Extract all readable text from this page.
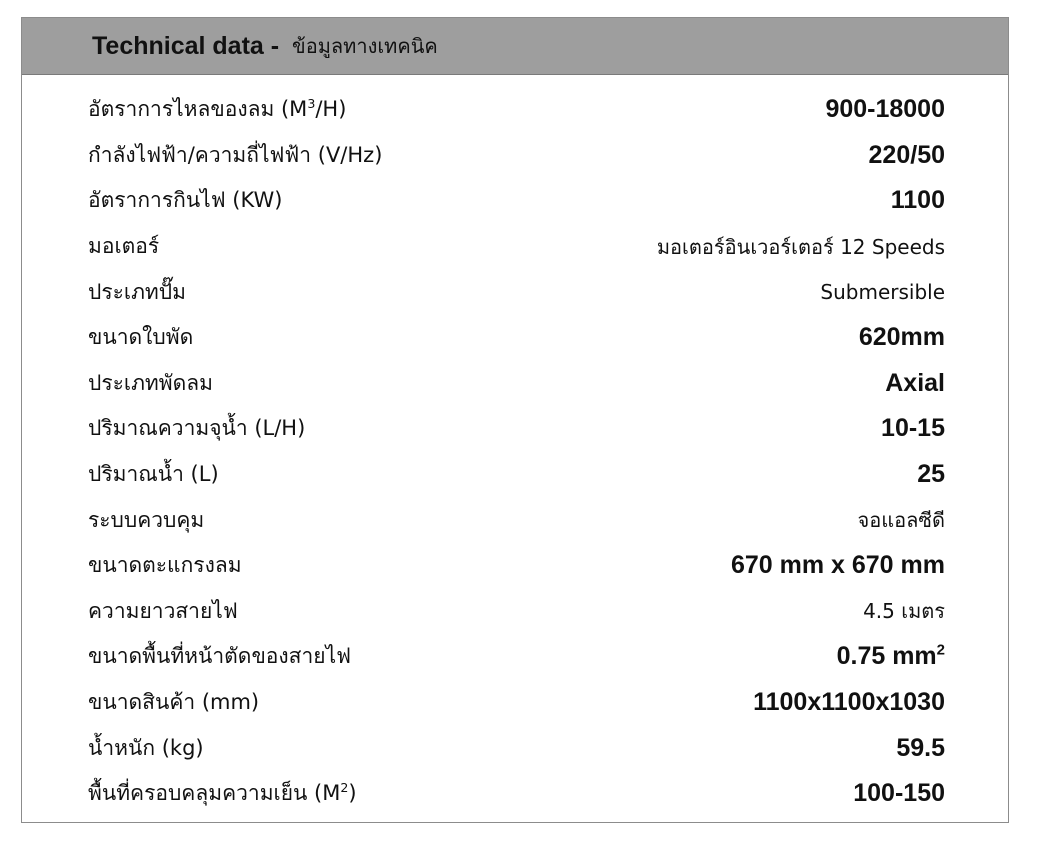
Technical data - ข้อมูลทางเทคนิค
อัตราการไหลของลม $(M^3/H)$	900-18000
กำลังไฟฟ้า/ความถี่ไฟฟ้า (V/Hz)	220/50
อัตราการกินไฟ (KW)	1100
มอเตอร์	มอเตอร์อินเวอร์เตอร์ 12 Speeds
ประเภทปั๊ม	Submersible
ขนาดใบพัด	620mm
ประเภทพัดลม	Axial
ปริมาณความจุน้ำ (L/H)	10-15
ปริมาณน้ำ (L)	25
ระบบควบคุม	จอแอลซีดี
ขนาดตะแกรงลม	670 mm x 670 mm
ความยาวสายไฟ	4.5 เมตร
ขนาดพื้นที่หน้าตัดของสายไฟ	0.75 $mm^2$
ขนาดสินค้า (mm)	1100x1100x1030
น้ำหนัก (kg)	59.5
พื้นที่ครอบคลุมความเย็น $(M^2)$	100-150
